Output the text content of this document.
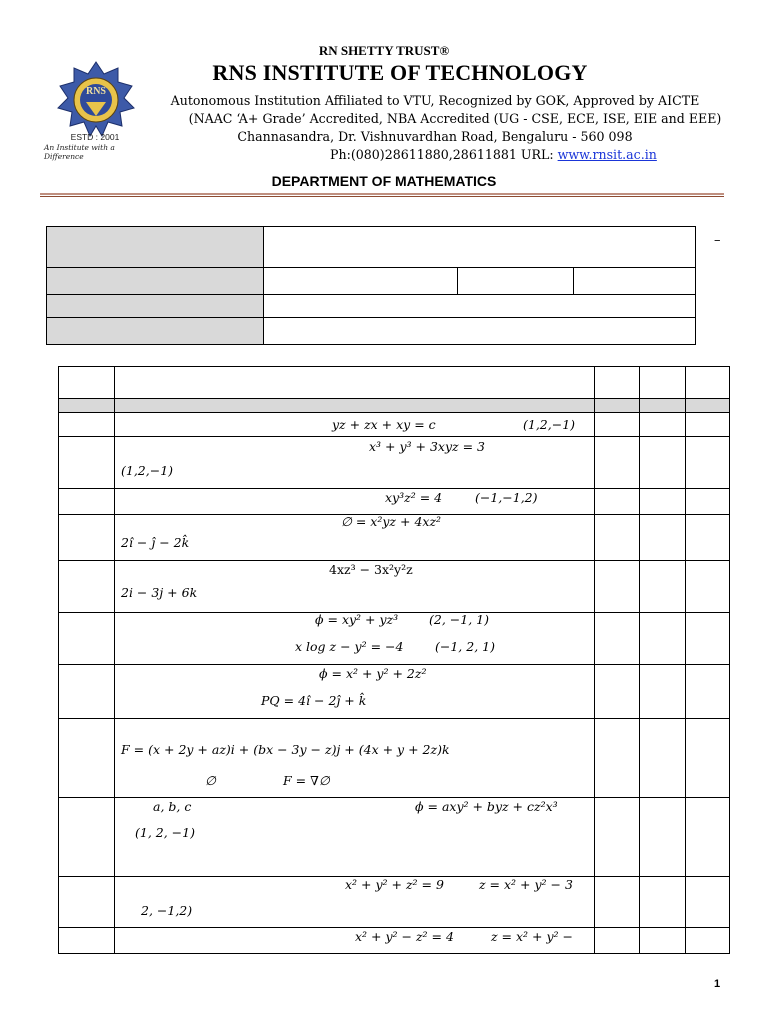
RN SHETTY TRUST®
RNS
ESTD : 2001
An Institute with a Difference
RNS INSTITUTE OF TECHNOLOGY
Autonomous Institution Affiliated to VTU, Recognized by GOK, Approved by AICTE
(NAAC ‘A+ Grade’ Accredited, NBA Accredited (UG - CSE, ECE, ISE, EIE and EEE)
Channasandra, Dr. Vishnuvardhan Road, Bengaluru - 560 098
Ph:(080)28611880,28611881 URL: www.rnsit.ac.in
DEPARTMENT OF MATHEMATICS
–
yz + zx + xy = c	(1,2,−1)
x³ + y³ + 3xyz = 3
(1,2,−1)
xy³z² = 4	(−1,−1,2)
∅ = x²yz + 4xz²
2î − ĵ − 2k̂
4xz³ − 3x²y²z
2i − 3j + 6k
ϕ = xy² + yz³ (2, −1, 1)
x log z − y² = −4	(−1, 2, 1)
ϕ = x² + y² + 2z²
PQ = 4î − 2ĵ + k̂
F = (x + 2y + az)i + (bx − 3y − z)j + (4x + y + 2z)k
∅	F = ∇∅
a, b, c	ϕ = axy² + byz + cz²x³
(1, 2, −1)
x² + y² + z² = 9	z = x² + y² − 3
2, −1,2)
x² + y² − z² = 4	z = x² + y² −
1
